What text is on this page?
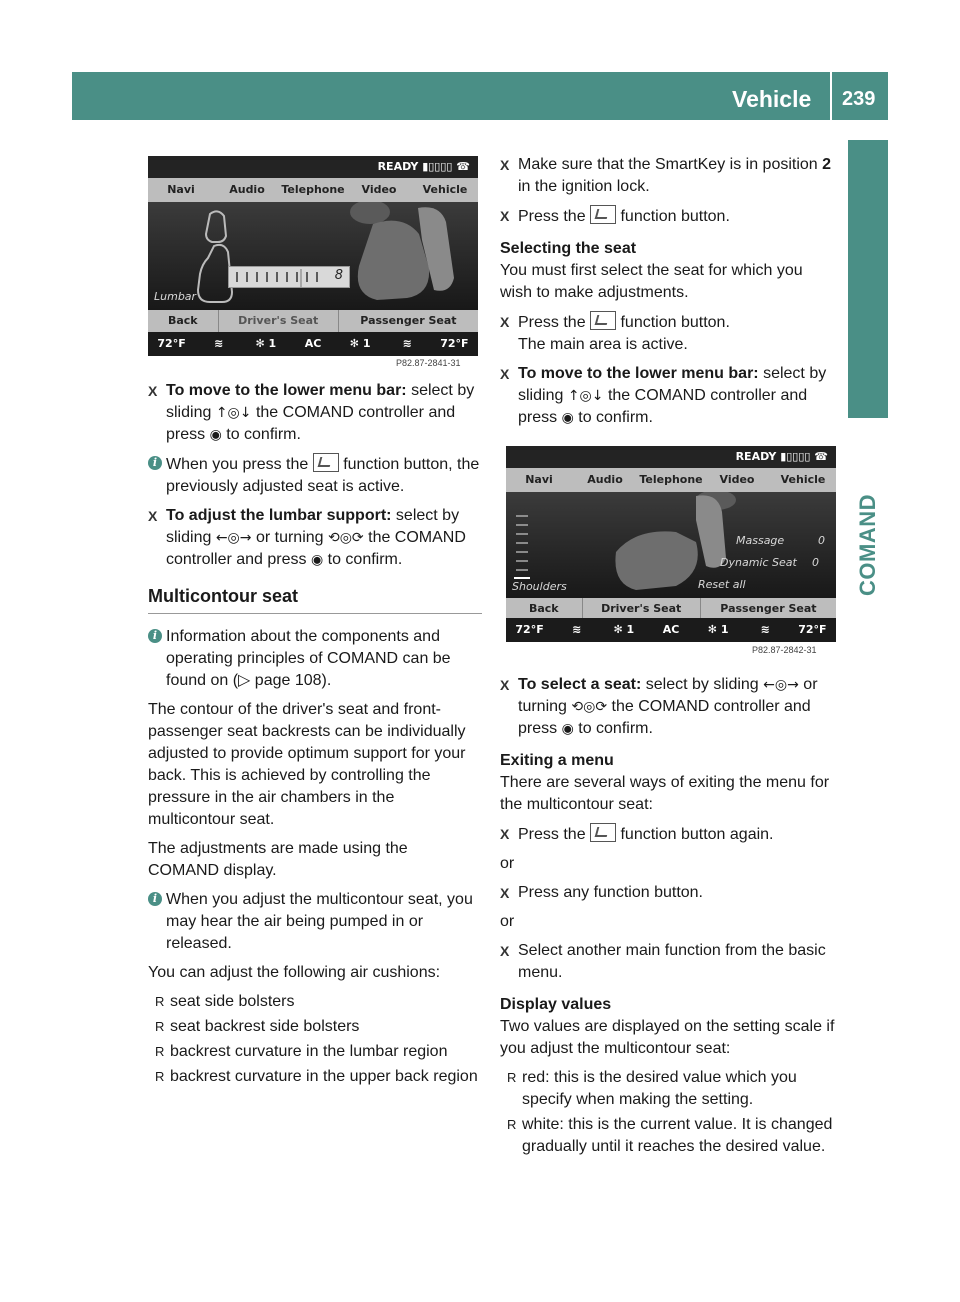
Vehicle 239
COMAND
READY ▮▯▯▯▯ ☎
Navi	Audio	Telephone	Video	Vehicle
8
Lumbar
Back	Driver's Seat	Passenger Seat
72°F	≋	✻ 1	AC	✻ 1	≋	72°F
P82.87-2841-31
READY ▮▯▯▯▯ ☎
Navi	Audio	Telephone	Video	Vehicle
Massage	0
Dynamic Seat 0
Reset all
Shoulders
Back	Driver's Seat	Passenger Seat
72°F	≋	✻ 1	AC	✻ 1	≋	72°F
P82.87-2842-31
X To move to the lower menu bar: select by sliding ↑◎↓ the COMAND controller and press ◉ to confirm.
i When you press the  function button, the previously adjusted seat is active.
X To adjust the lumbar support: select by sliding ←◎→ or turning ⟲◎⟳ the COMAND controller and press ◉ to confirm.
Multicontour seat
i Information about the components and operating principles of COMAND can be found on (▷ page 108).
The contour of the driver's seat and front-passenger seat backrests can be individually adjusted to provide optimum support for your back. This is achieved by controlling the pressure in the air chambers in the multicontour seat.
The adjustments are made using the COMAND display.
i When you adjust the multicontour seat, you may hear the air being pumped in or released.
You can adjust the following air cushions:
R seat side bolsters
R seat backrest side bolsters
R backrest curvature in the lumbar region
R backrest curvature in the upper back region
X Make sure that the SmartKey is in position 2 in the ignition lock.
X Press the  function button.
Selecting the seat
You must first select the seat for which you wish to make adjustments.
X Press the  function button.
The main area is active.
X To move to the lower menu bar: select by sliding ↑◎↓ the COMAND controller and press ◉ to confirm.
X To select a seat: select by sliding ←◎→ or turning ⟲◎⟳ the COMAND controller and press ◉ to confirm.
Exiting a menu
There are several ways of exiting the menu for the multicontour seat:
X Press the  function button again.
or
X Press any function button.
or
X Select another main function from the basic menu.
Display values
Two values are displayed on the setting scale if you adjust the multicontour seat:
R red: this is the desired value which you specify when making the setting.
R white: this is the current value. It is changed gradually until it reaches the desired value.
